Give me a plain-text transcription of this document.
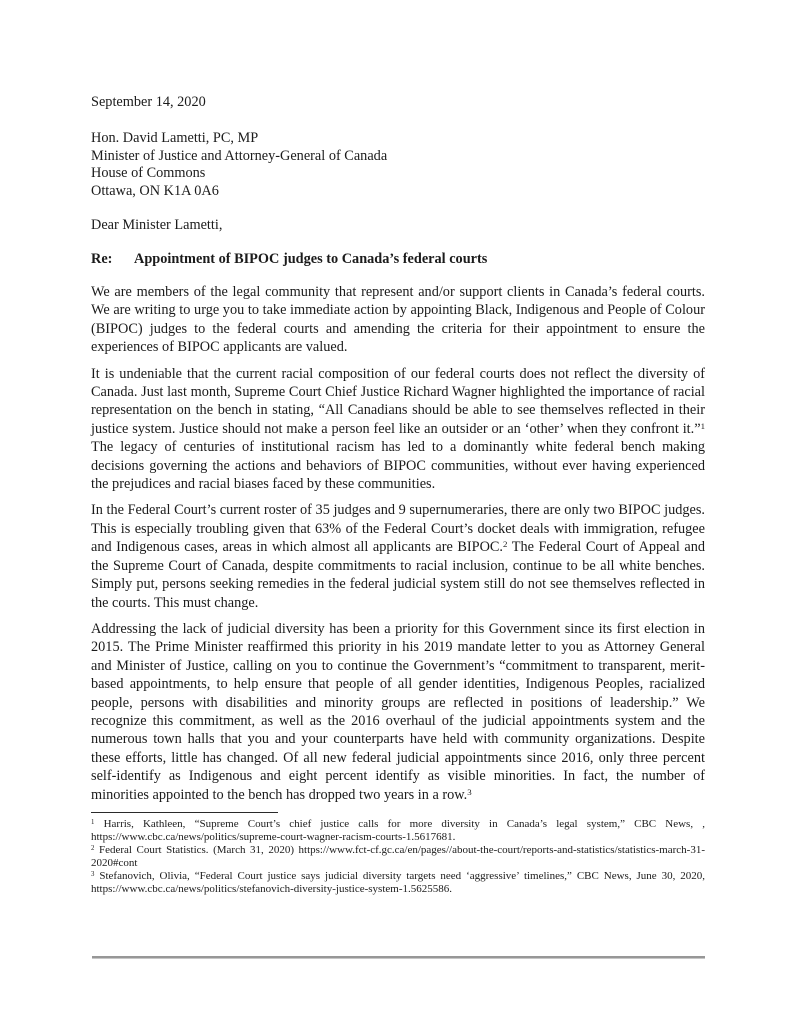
September 14, 2020

Hon. David Lametti, PC, MP

Minister of Justice and Attorney-General of Canada

House of Commons

Ottawa, ON K1A 0A6

Dear Minister Lametti,

Re: Appointment of BIPOC judges to Canada’s federal courts

We are members of the legal community that represent and/or support clients in Canada’s federal courts. We are writing to urge you to take immediate action by appointing Black, Indigenous and People of Colour (BIPOC) judges to the federal courts and amending the criteria for their appointment to ensure the experiences of BIPOC applicants are valued.

It is undeniable that the current racial composition of our federal courts does not reflect the diversity of Canada. Just last month, Supreme Court Chief Justice Richard Wagner highlighted the importance of racial representation on the bench in stating, “All Canadians should be able to see themselves reflected in their justice system. Justice should not make a person feel like an outsider or an ‘other’ when they confront it.”$^1$ The legacy of centuries of institutional racism has led to a dominantly white federal bench making decisions governing the actions and behaviors of BIPOC communities, without ever having experienced the prejudices and racial biases faced by these communities.

In the Federal Court’s current roster of 35 judges and 9 supernumeraries, there are only two BIPOC judges. This is especially troubling given that 63% of the Federal Court’s docket deals with immigration, refugee and Indigenous cases, areas in which almost all applicants are BIPOC.$^2$ The Federal Court of Appeal and the Supreme Court of Canada, despite commitments to racial inclusion, continue to be all white benches. Simply put, persons seeking remedies in the federal judicial system still do not see themselves reflected in the courts. This must change.

Addressing the lack of judicial diversity has been a priority for this Government since its first election in 2015. The Prime Minister reaffirmed this priority in his 2019 mandate letter to you as Attorney General and Minister of Justice, calling on you to continue the Government’s “commitment to transparent, merit-based appointments, to help ensure that people of all gender identities, Indigenous Peoples, racialized people, persons with disabilities and minority groups are reflected in positions of leadership.” We recognize this commitment, as well as the 2016 overhaul of the judicial appointments system and the numerous town halls that you and your counterparts have held with community organizations. Despite these efforts, little has changed. Of all new federal judicial appointments since 2016, only three percent self-identify as Indigenous and eight percent identify as visible minorities. In fact, the number of minorities appointed to the bench has dropped two years in a row.$^3$

$^1$ Harris, Kathleen, “Supreme Court’s chief justice calls for more diversity in Canada’s legal system,” CBC News, , https://www.cbc.ca/news/politics/supreme-court-wagner-racism-courts-1.5617681.

$^2$ Federal Court Statistics. (March 31, 2020) https://www.fct-cf.gc.ca/en/pages//about-the-court/reports-and-statistics/statistics-march-31-2020#cont

$^3$ Stefanovich, Olivia, “Federal Court justice says judicial diversity targets need ‘aggressive’ timelines,” CBC News, June 30, 2020, https://www.cbc.ca/news/politics/stefanovich-diversity-justice-system-1.5625586.
